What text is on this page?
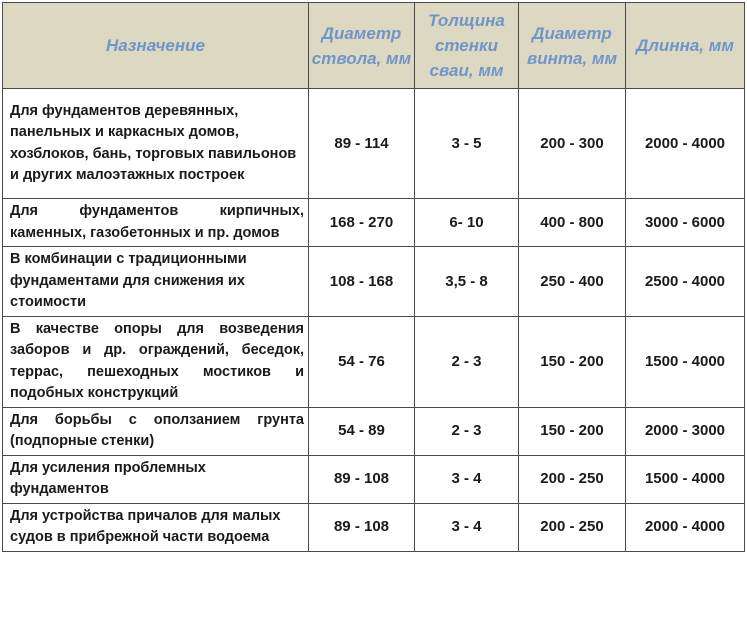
Назначение	Диаметр ствола, мм	Толщина стенки сваи, мм	Диаметр винта, мм	Длинна, мм
Для фундаментов деревянных, панельных и каркасных домов, хозблоков, бань, торговых павильонов и других малоэтажных построек	89 - 114	3 - 5	200 - 300	2000 - 4000
Для фундаментов кирпичных, каменных, газобетонных и пр. домов	168 - 270	6- 10	400 - 800	3000 - 6000
В комбинации с традиционными фундаментами для снижения их стоимости	108 - 168	3,5 - 8	250 - 400	2500 - 4000
В качестве опоры для возведения заборов и др. ограждений, беседок, террас, пешеходных мостиков и подобных конструкций	54 - 76	2 - 3	150 - 200	1500 - 4000
Для борьбы с оползанием грунта (подпорные стенки)	54 - 89	2 - 3	150 - 200	2000 - 3000
Для усиления проблемных фундаментов	89 - 108	3 - 4	200 - 250	1500 - 4000
Для устройства причалов для малых судов в прибрежной части водоема	89 - 108	3 - 4	200 - 250	2000 - 4000
